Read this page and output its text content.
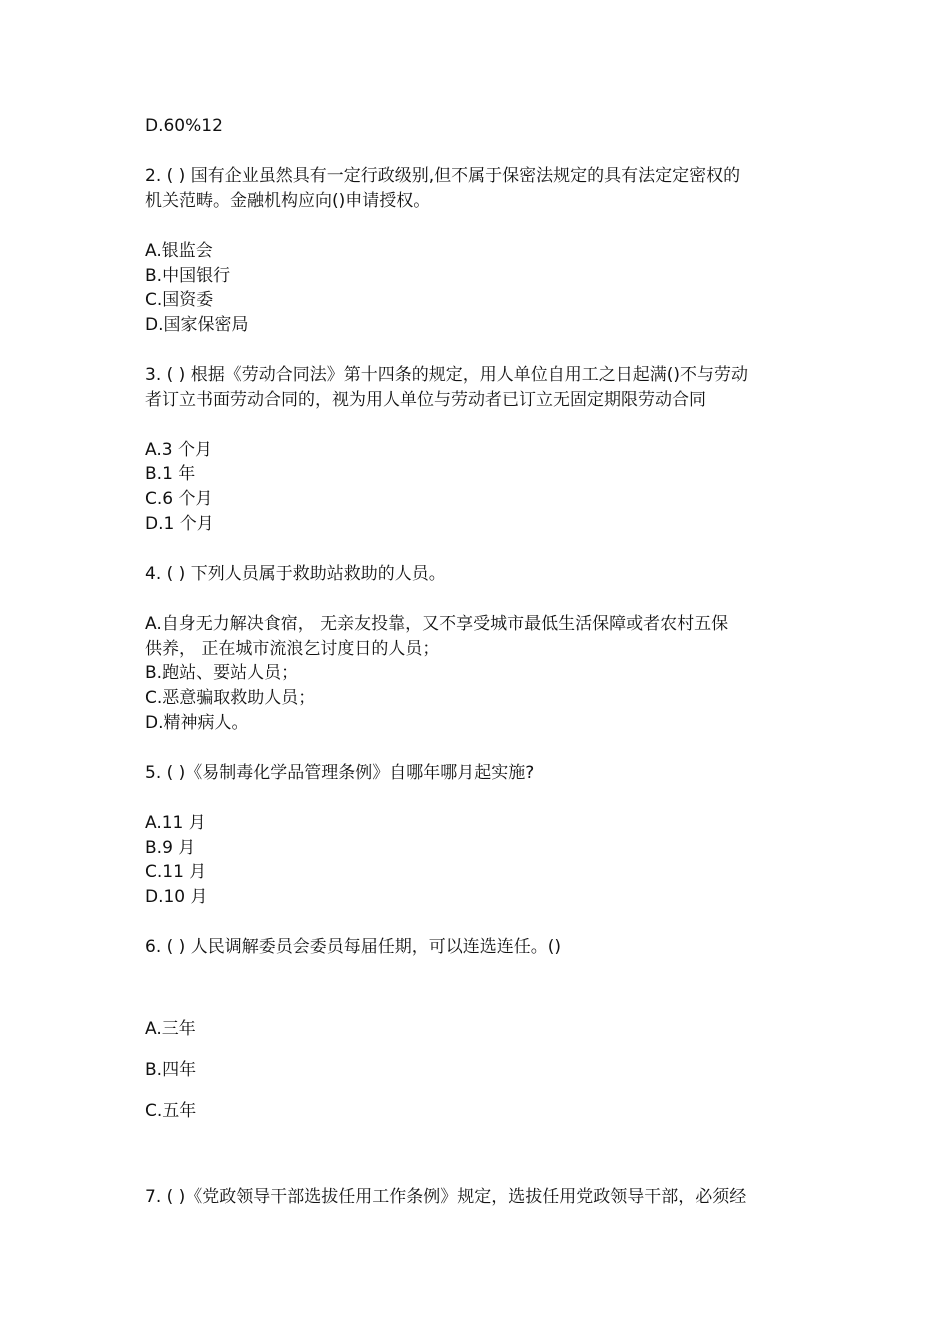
D.60%12
2. ( ) 国有企业虽然具有一定行政级别,但不属于保密法规定的具有法定定密权的
机关范畴。金融机构应向()申请授权。
A.银监会
B.中国银行
C.国资委
D.国家保密局
3. ( ) 根据《劳动合同法》第十四条的规定，用人单位自用工之日起满()不与劳动
者订立书面劳动合同的，视为用人单位与劳动者已订立无固定期限劳动合同
A.3 个月
B.1 年
C.6 个月
D.1 个月
4. ( ) 下列人员属于救助站救助的人员。
A.自身无力解决食宿， 无亲友投靠，又不享受城市最低生活保障或者农村五保
供养， 正在城市流浪乞讨度日的人员；
B.跑站、要站人员；
C.恶意骗取救助人员；
D.精神病人。
5. ( )《易制毒化学品管理条例》自哪年哪月起实施?
A.11 月
B.9 月
C.11 月
D.10 月
6. ( ) 人民调解委员会委员每届任期，可以连选连任。()
A.三年
B.四年
C.五年
7. ( )《党政领导干部选拔任用工作条例》规定，选拔任用党政领导干部，必须经
